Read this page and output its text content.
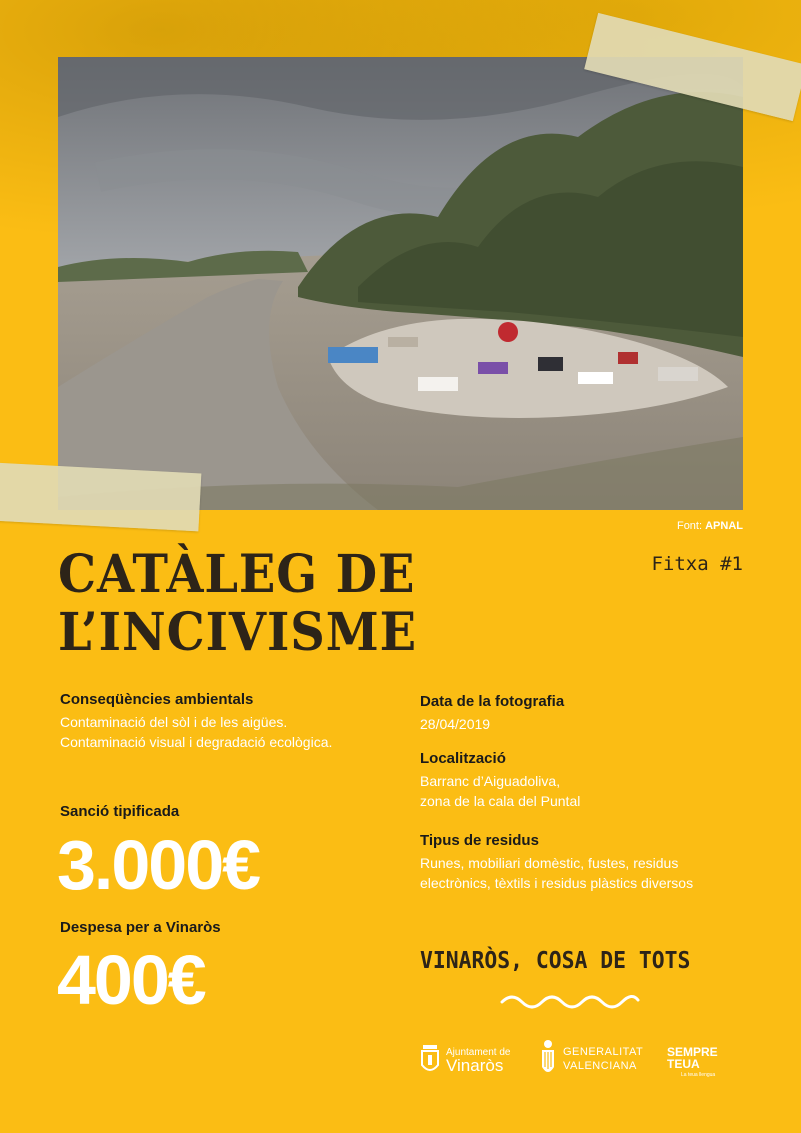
Font: APNAL
CATÀLEG DE
L’INCIVISME
Fitxa #1
Conseqüències ambientals
Contaminació del sòl i de les aigües.
Contaminació visual i degradació ecològica.
Sanció tipificada
3.000€
Despesa per a Vinaròs
400€
Data de la fotografia
28/04/2019
Localització
Barranc d’Aiguadoliva,
zona de la cala del Puntal
Tipus de residus
Runes, mobiliari domèstic, fustes, residus
electrònics, tèxtils i residus plàstics diversos
VINARÒS, COSA DE TOTS
Ajuntament de
Vinaròs
GENERALITAT
VALENCIANA
SEMPRE
TEUA
La teua llengua
